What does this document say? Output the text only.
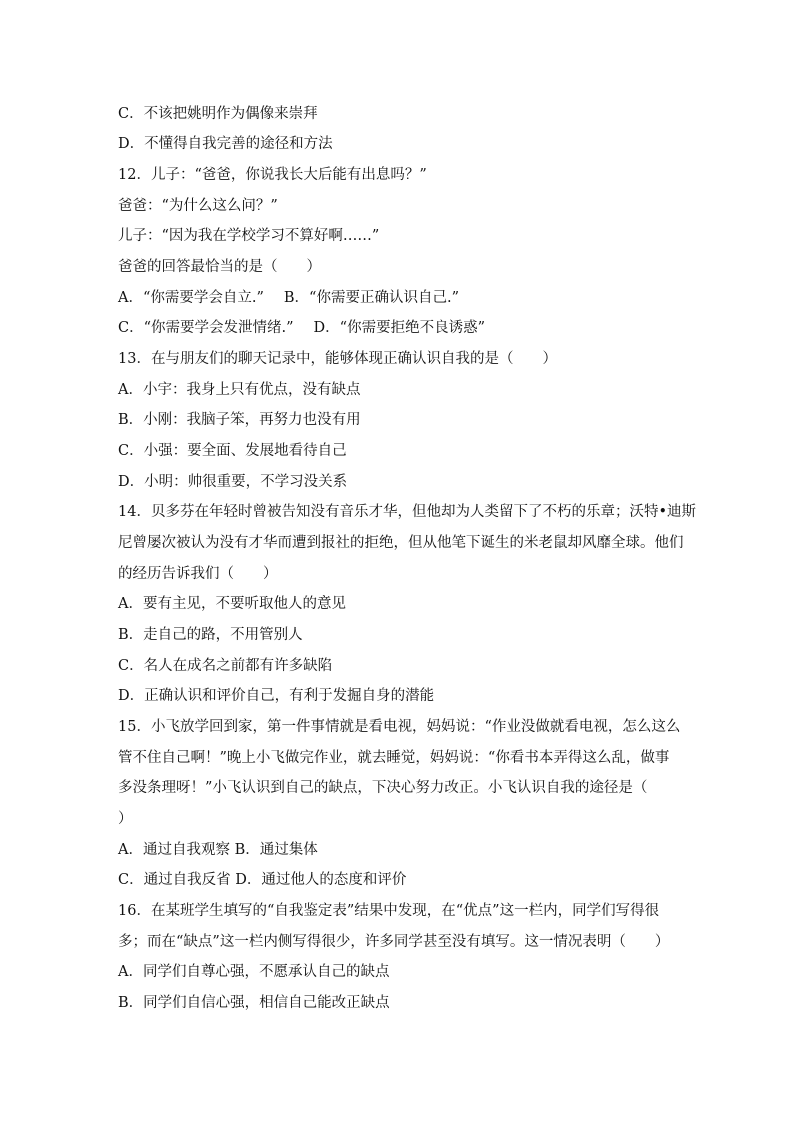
C．不该把姚明作为偶像来崇拜
D．不懂得自我完善的途径和方法
12．儿子：“爸爸，你说我长大后能有出息吗？”
爸爸：“为什么这么问？”
儿子：“因为我在学校学习不算好啊……”
爸爸的回答最恰当的是（　　）
A．“你需要学会自立.” B．“你需要正确认识自己.”
C．“你需要学会发泄情绪.” D．“你需要拒绝不良诱惑”
13．在与朋友们的聊天记录中，能够体现正确认识自我的是（　　）
A．小宇：我身上只有优点，没有缺点
B．小刚：我脑子笨，再努力也没有用
C．小强：要全面、发展地看待自己
D．小明：帅很重要，不学习没关系
14．贝多芬在年轻时曾被告知没有音乐才华，但他却为人类留下了不朽的乐章；沃特•迪斯
尼曾屡次被认为没有才华而遭到报社的拒绝，但从他笔下诞生的米老鼠却风靡全球。他们
的经历告诉我们（　　）
A．要有主见，不要听取他人的意见
B．走自己的路，不用管别人
C．名人在成名之前都有许多缺陷
D．正确认识和评价自己，有利于发掘自身的潜能
15．小飞放学回到家，第一件事情就是看电视，妈妈说：“作业没做就看电视，怎么这么
管不住自己啊！”晚上小飞做完作业，就去睡觉，妈妈说：“你看书本弄得这么乱，做事
多没条理呀！”小飞认识到自己的缺点，下决心努力改正。小飞认识自我的途径是（
）
A．通过自我观察 B．通过集体
C．通过自我反省 D．通过他人的态度和评价
16．在某班学生填写的“自我鉴定表”结果中发现，在“优点”这一栏内，同学们写得很
多；而在“缺点”这一栏内侧写得很少，许多同学甚至没有填写。这一情况表明（　　）
A．同学们自尊心强，不愿承认自己的缺点
B．同学们自信心强，相信自己能改正缺点
